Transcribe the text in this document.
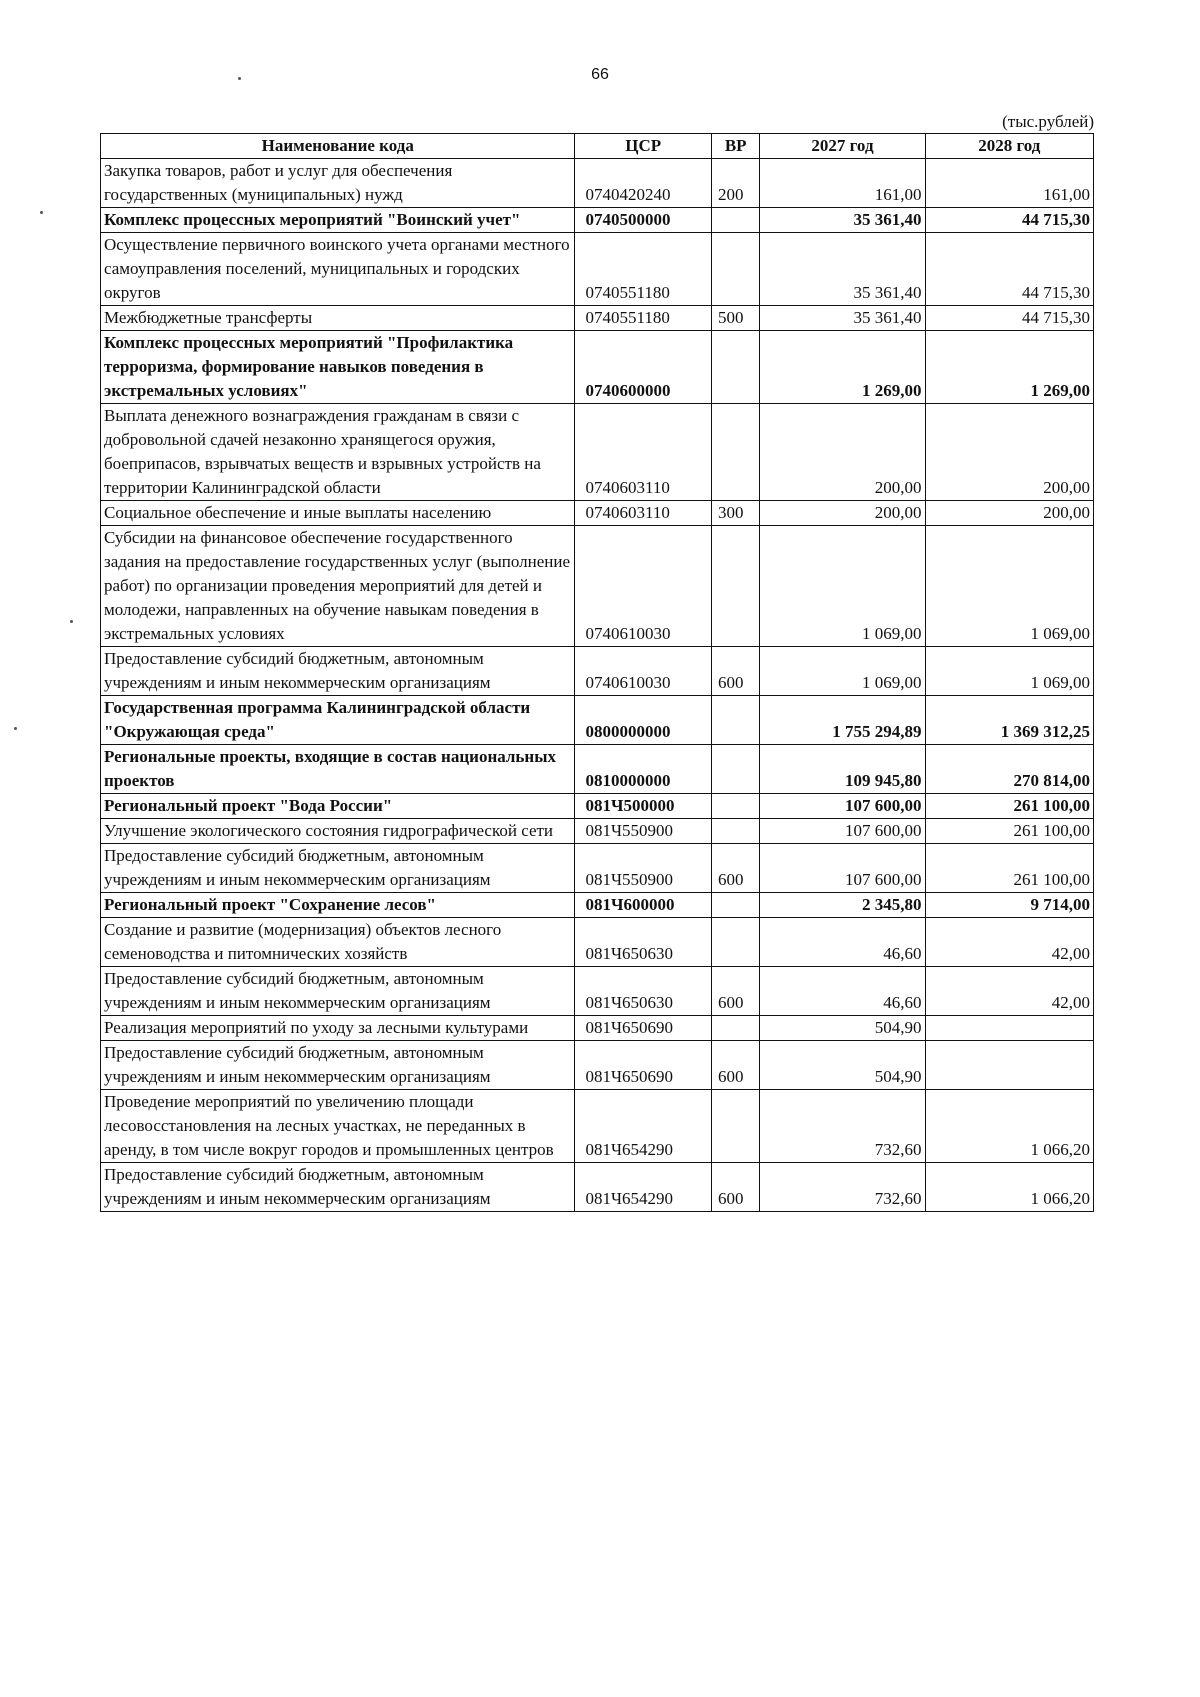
66
(тыс.рублей)
Наименование кода	ЦСР	ВР	2027 год	2028 год
Закупка товаров, работ и услуг для обеспечения государственных (муниципальных) нужд	0740420240	200	161,00	161,00
Комплекс процессных мероприятий "Воинский учет"	0740500000		35 361,40	44 715,30
Осуществление первичного воинского учета органами местного самоуправления поселений, муниципальных и городских округов	0740551180		35 361,40	44 715,30
Межбюджетные трансферты	0740551180	500	35 361,40	44 715,30
Комплекс процессных мероприятий "Профилактика терроризма, формирование навыков поведения в экстремальных условиях"	0740600000		1 269,00	1 269,00
Выплата денежного вознаграждения гражданам в связи с добровольной сдачей незаконно хранящегося оружия, боеприпасов, взрывчатых веществ и взрывных устройств на территории Калининградской области	0740603110		200,00	200,00
Социальное обеспечение и иные выплаты населению	0740603110	300	200,00	200,00
Субсидии на финансовое обеспечение государственного задания на предоставление государственных услуг (выполнение работ) по организации проведения мероприятий для детей и молодежи, направленных на обучение навыкам поведения в экстремальных условиях	0740610030		1 069,00	1 069,00
Предоставление субсидий бюджетным, автономным учреждениям и иным некоммерческим организациям	0740610030	600	1 069,00	1 069,00
Государственная программа Калининградской области "Окружающая среда"	0800000000		1 755 294,89	1 369 312,25
Региональные проекты, входящие в состав национальных проектов	0810000000		109 945,80	270 814,00
Региональный проект "Вода России"	081Ч500000		107 600,00	261 100,00
Улучшение экологического состояния гидрографической сети	081Ч550900		107 600,00	261 100,00
Предоставление субсидий бюджетным, автономным учреждениям и иным некоммерческим организациям	081Ч550900	600	107 600,00	261 100,00
Региональный проект "Сохранение лесов"	081Ч600000		2 345,80	9 714,00
Создание и развитие (модернизация) объектов лесного семеноводства и питомнических хозяйств	081Ч650630		46,60	42,00
Предоставление субсидий бюджетным, автономным учреждениям и иным некоммерческим организациям	081Ч650630	600	46,60	42,00
Реализация мероприятий по уходу за лесными культурами	081Ч650690		504,90	
Предоставление субсидий бюджетным, автономным учреждениям и иным некоммерческим организациям	081Ч650690	600	504,90	
Проведение мероприятий по увеличению площади лесовосстановления на лесных участках, не переданных в аренду, в том числе вокруг городов и промышленных центров	081Ч654290		732,60	1 066,20
Предоставление субсидий бюджетным, автономным учреждениям и иным некоммерческим организациям	081Ч654290	600	732,60	1 066,20
